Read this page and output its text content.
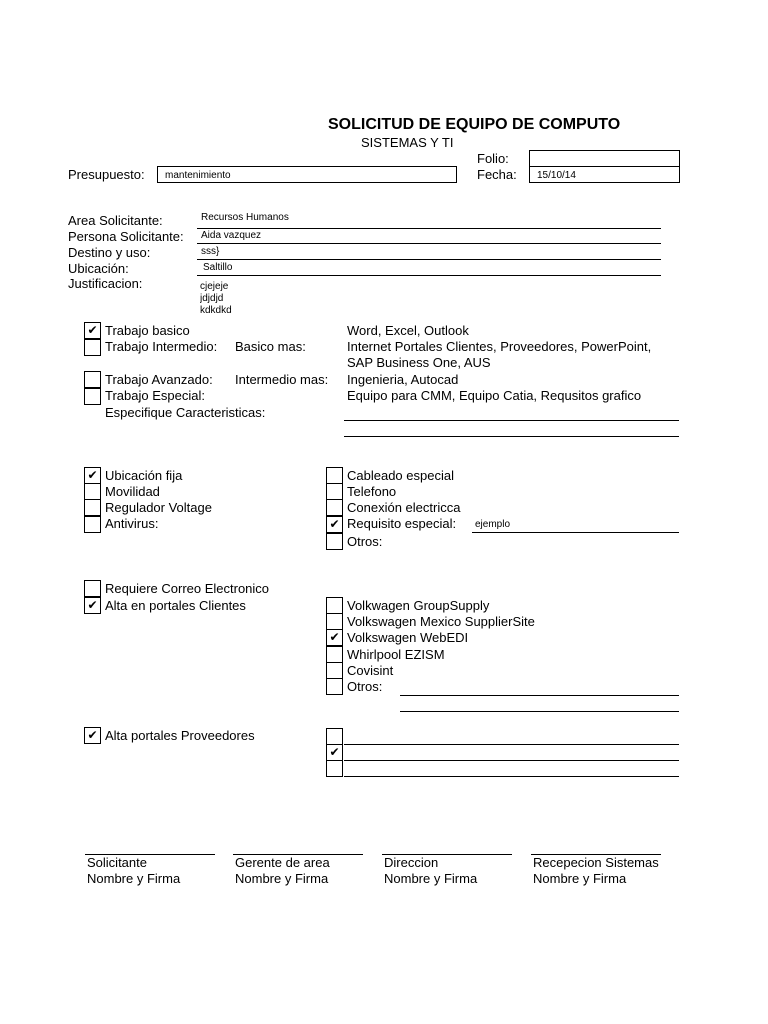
SOLICITUD DE EQUIPO DE COMPUTO
SISTEMAS Y TI
Folio:
Presupuesto: mantenimiento	Fecha: 15/10/14
Area Solicitante:	Recursos Humanos
Persona Solicitante: Aida vazquez
Destino y uso:	sss}
Ubicación:	Saltillo
Justificacion:	cjejeje
jdjdjd
kdkdkd
✔ Trabajo basico	Word, Excel, Outlook
Trabajo Intermedio: Basico mas:	Internet Portales Clientes, Proveedores, PowerPoint,
SAP Business One, AUS
Trabajo Avanzado: Intermedio mas: Ingenieria, Autocad
Trabajo Especial:	Equipo para CMM, Equipo Catia, Requsitos grafico
Especifique Caracteristicas:
✔ Ubicación fija
Movilidad
Regulador Voltage
Antivirus:
Cableado especial
Telefono
Conexión electricca
✔ Requisito especial: ejemplo
Otros:
Requiere Correo Electronico
✔ Alta en portales Clientes	Volkwagen GroupSupply
Volkswagen Mexico SupplierSite
✔ Volkswagen WebEDI
Whirlpool EZISM
Covisint
Otros:
✔ Alta portales Proveedores
✔
Solicitante
Nombre y Firma
Gerente de area
Nombre y Firma
Direccion
Nombre y Firma
Recepecion Sistemas
Nombre y Firma
